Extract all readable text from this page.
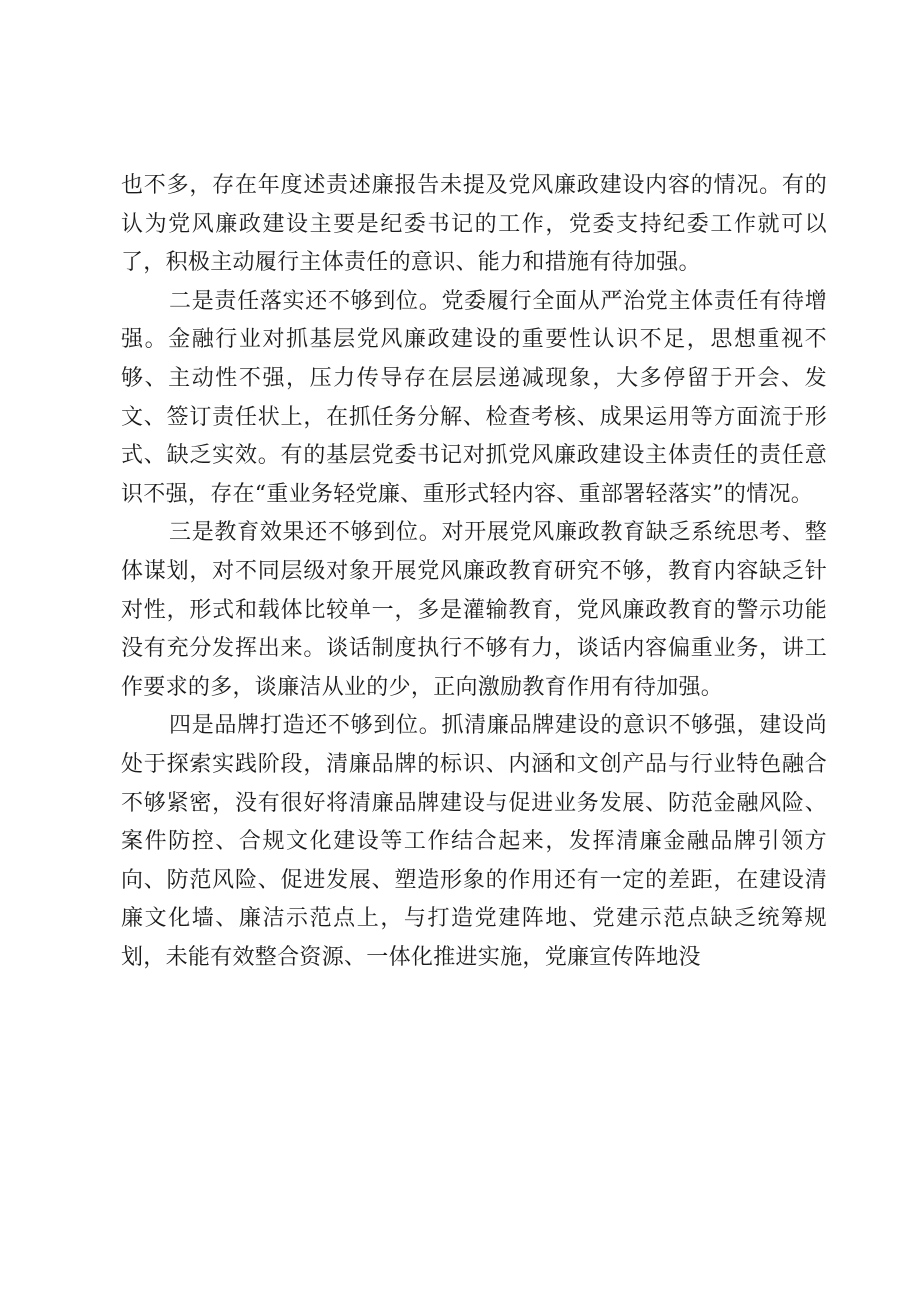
也不多，存在年度述责述廉报告未提及党风廉政建设内容的情况。有的认为党风廉政建设主要是纪委书记的工作，党委支持纪委工作就可以了，积极主动履行主体责任的意识、能力和措施有待加强。

二是责任落实还不够到位。党委履行全面从严治党主体责任有待增强。金融行业对抓基层党风廉政建设的重要性认识不足，思想重视不够、主动性不强，压力传导存在层层递减现象，大多停留于开会、发文、签订责任状上，在抓任务分解、检查考核、成果运用等方面流于形式、缺乏实效。有的基层党委书记对抓党风廉政建设主体责任的责任意识不强，存在“重业务轻党廉、重形式轻内容、重部署轻落实”的情况。

三是教育效果还不够到位。对开展党风廉政教育缺乏系统思考、整体谋划，对不同层级对象开展党风廉政教育研究不够，教育内容缺乏针对性，形式和载体比较单一，多是灌输教育，党风廉政教育的警示功能没有充分发挥出来。谈话制度执行不够有力，谈话内容偏重业务，讲工作要求的多，谈廉洁从业的少，正向激励教育作用有待加强。

四是品牌打造还不够到位。抓清廉品牌建设的意识不够强，建设尚处于探索实践阶段，清廉品牌的标识、内涵和文创产品与行业特色融合不够紧密，没有很好将清廉品牌建设与促进业务发展、防范金融风险、案件防控、合规文化建设等工作结合起来，发挥清廉金融品牌引领方向、防范风险、促进发展、塑造形象的作用还有一定的差距，在建设清廉文化墙、廉洁示范点上，与打造党建阵地、党建示范点缺乏统筹规划，未能有效整合资源、一体化推进实施，党廉宣传阵地没
